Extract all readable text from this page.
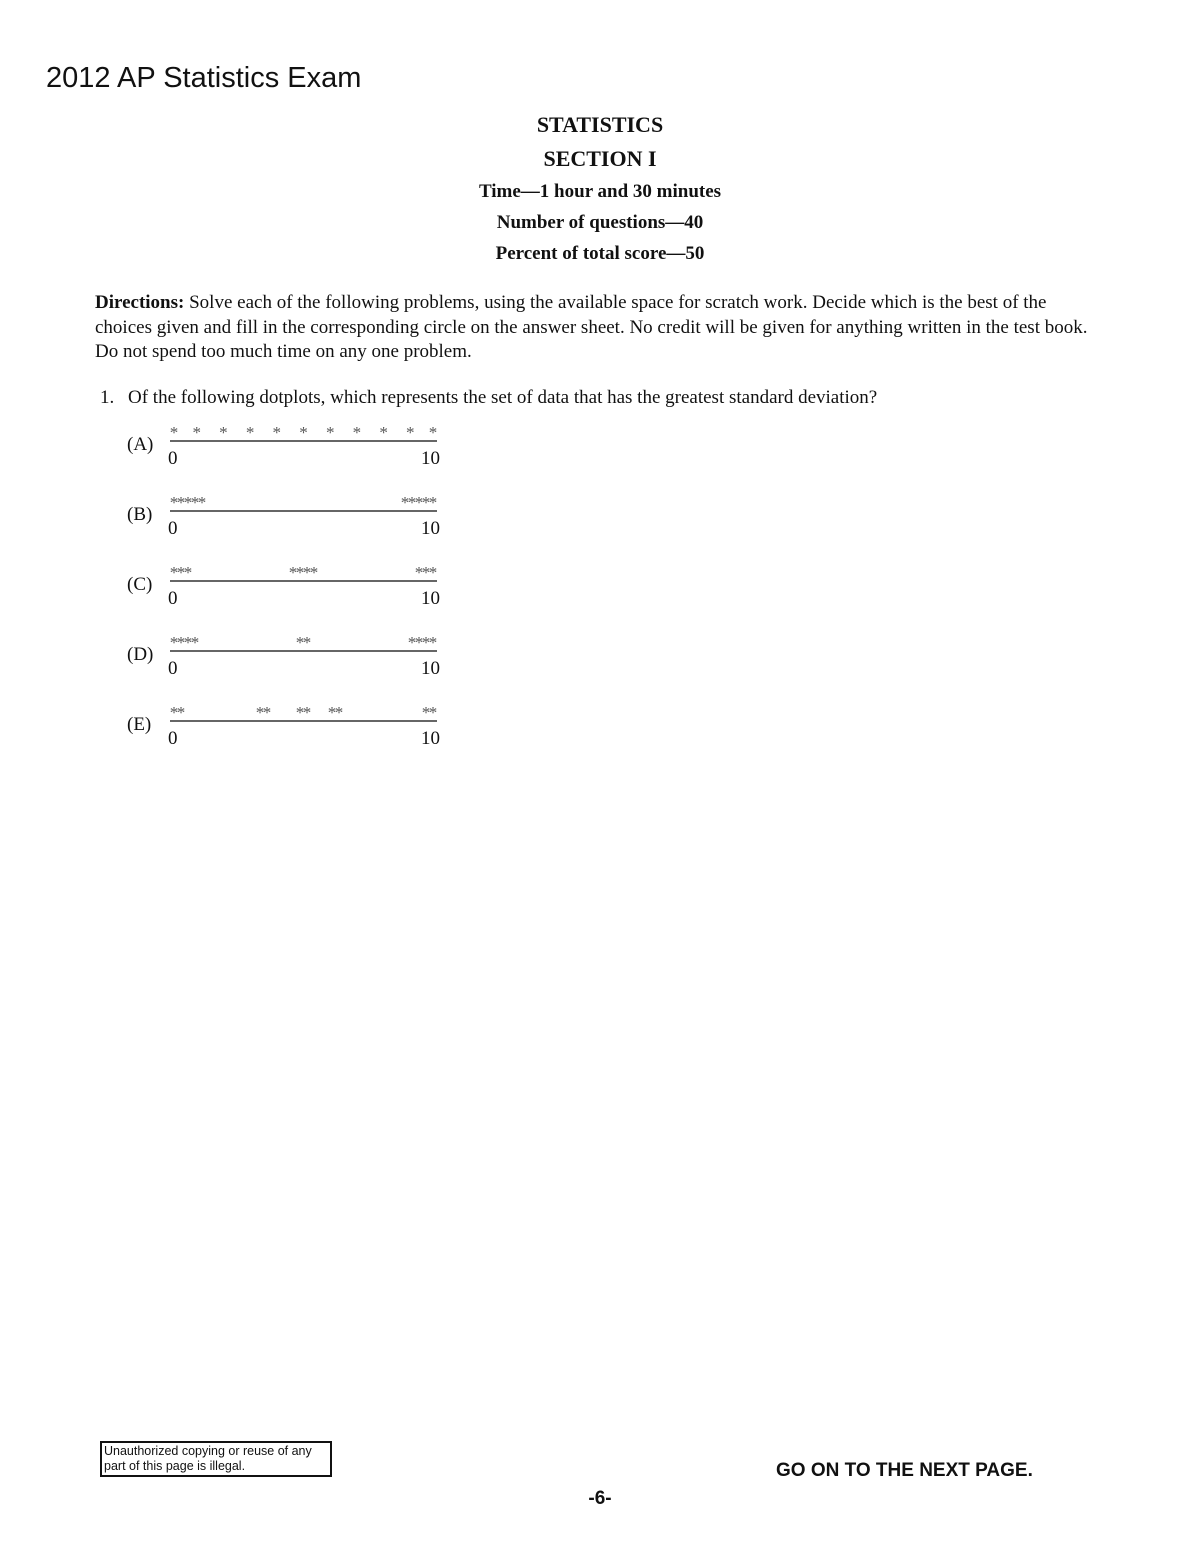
2012 AP Statistics Exam
STATISTICS
SECTION I
Time—1 hour and 30 minutes
Number of questions—40
Percent of total score—50
Directions: Solve each of the following problems, using the available space for scratch work. Decide which is the best of the choices given and fill in the corresponding circle on the answer sheet. No credit will be given for anything written in the test book. Do not spend too much time on any one problem.
1. Of the following dotplots, which represents the set of data that has the greatest standard deviation?
(A)
* * * * * * * * * * *
0	10
(B)
*
*
*
*
*	*
*
*
*
*
0	10
(C)
*
*
*	*
*
*
*	*
*
*
0	10
(D)
*
*
*
*	*
*	*
*
*
*
0	10
(E)
*
*	*
*	*
*
*
*	*
*
0	10
Unauthorized copying or reuse of any part of this page is illegal.	GO ON TO THE NEXT PAGE.
-6-
